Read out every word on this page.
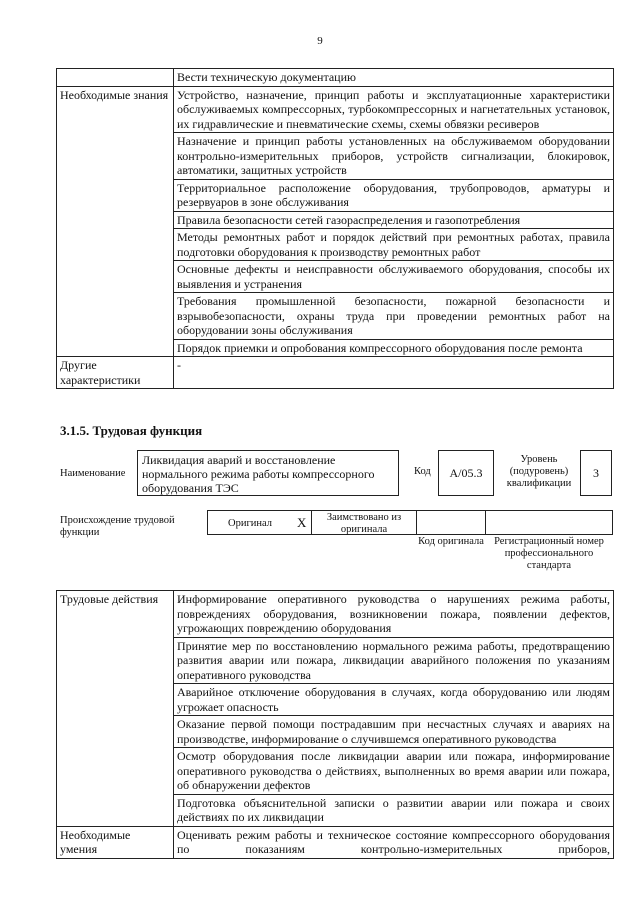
9
	Вести техническую документацию
Необходимые знания	Устройство, назначение, принцип работы и эксплуатационные характеристики обслуживаемых компрессорных, турбокомпрессорных и нагнетательных установок, их гидравлические и пневматические схемы, схемы обвязки ресиверов
	Назначение и принцип работы установленных на обслуживаемом оборудовании контрольно-измерительных приборов, устройств сигнализации, блокировок, автоматики, защитных устройств
	Территориальное расположение оборудования, трубопроводов, арматуры и резервуаров в зоне обслуживания
	Правила безопасности сетей газораспределения и газопотребления
	Методы ремонтных работ и порядок действий при ремонтных работах, правила подготовки оборудования к производству ремонтных работ
	Основные дефекты и неисправности обслуживаемого оборудования, способы их выявления и устранения
	Требования промышленной безопасности, пожарной безопасности и взрывобезопасности, охраны труда при проведении ремонтных работ на оборудовании зоны обслуживания
	Порядок приемки и опробования компрессорного оборудования после ремонта
Другие характеристики	-
3.1.5. Трудовая функция
Наименование
Ликвидация аварий и восстановление нормального режима работы компрессорного оборудования ТЭС
Код	А/05.3
Уровень (подуровень) квалификации
3
Происхождение трудовой функции
Оригинал X	Заимствовано из оригинала
Код оригинала Регистрационный номер профессионального стандарта
Трудовые действия	Информирование оперативного руководства о нарушениях режима работы, повреждениях оборудования, возникновении пожара, появлении дефектов, угрожающих повреждению оборудования
	Принятие мер по восстановлению нормального режима работы, предотвращению развития аварии или пожара, ликвидации аварийного положения по указаниям оперативного руководства
	Аварийное отключение оборудования в случаях, когда оборудованию или людям угрожает опасность
	Оказание первой помощи пострадавшим при несчастных случаях и авариях на производстве, информирование о случившемся оперативного руководства
	Осмотр оборудования после ликвидации аварии или пожара, информирование оперативного руководства о действиях, выполненных во время аварии или пожара, об обнаружении дефектов
	Подготовка объяснительной записки о развитии аварии или пожара и своих действиях по их ликвидации
Необходимые умения	Оценивать режим работы и техническое состояние компрессорного оборудования по показаниям контрольно-измерительных приборов,
